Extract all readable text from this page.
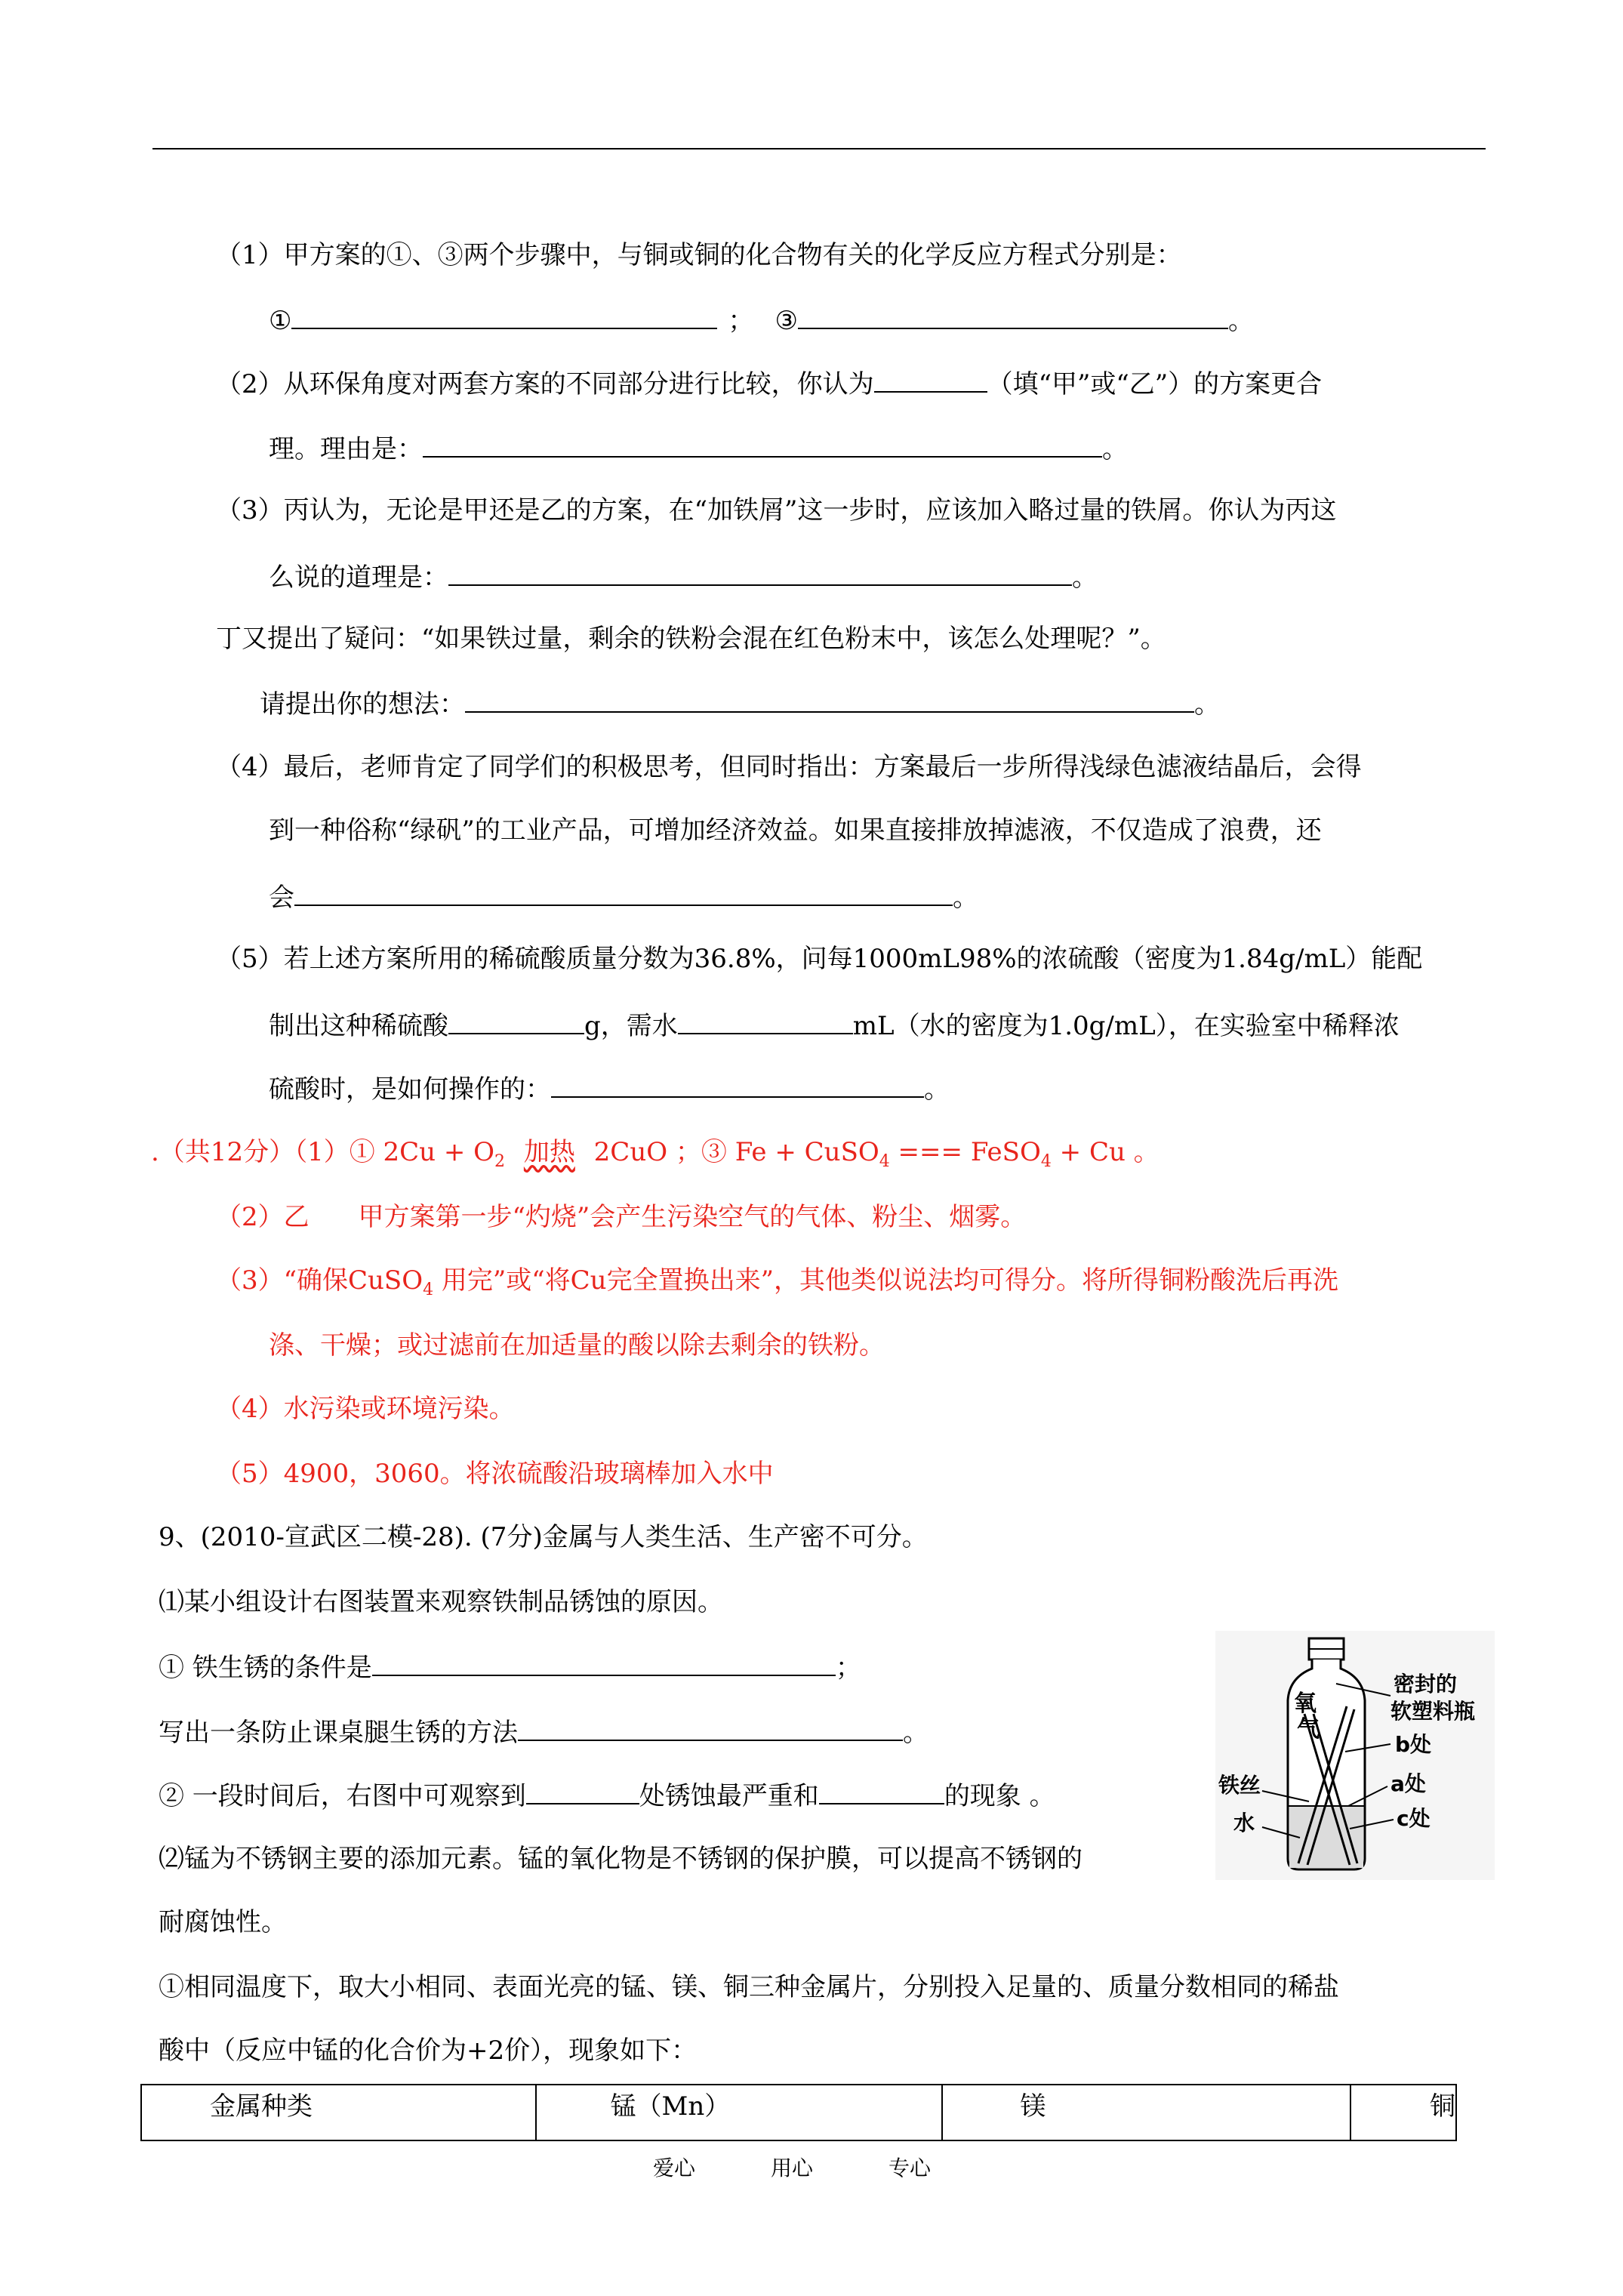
（1）甲方案的①、③两个步骤中，与铜或铜的化合物有关的化学反应方程式分别是：
①	； ③	。
（2）从环保角度对两套方案的不同部分进行比较，你认为	（填“甲”或“乙”）的方案更合
理。理由是：	。
（3）丙认为，无论是甲还是乙的方案，在“加铁屑”这一步时，应该加入略过量的铁屑。你认为丙这
么说的道理是：	。
丁又提出了疑问：“如果铁过量，剩余的铁粉会混在红色粉末中，该怎么处理呢？”。
请提出你的想法：	。
（4）最后，老师肯定了同学们的积极思考，但同时指出：方案最后一步所得浅绿色滤液结晶后，会得
到一种俗称“绿矾”的工业产品，可增加经济效益。如果直接排放掉滤液，不仅造成了浪费，还
会	。
（5）若上述方案所用的稀硫酸质量分数为36.8%，问每1000mL98%的浓硫酸（密度为1.84g/mL）能配
制出这种稀硫酸	g，需水	mL（水的密度为1.0g/mL），在实验室中稀释浓
硫酸时，是如何操作的：	。
.（共12分）（1）① $2Cu + O_2$ 加热 2CuO ；③ Fe + CuSO$_4$ === FeSO$_4$ + Cu 。
（2）乙      甲方案第一步“灼烧”会产生污染空气的气体、粉尘、烟雾。
（3）“确保CuSO$_4$ 用完”或“将Cu完全置换出来”，其他类似说法均可得分。将所得铜粉酸洗后再洗
涤、干燥；或过滤前在加适量的酸以除去剩余的铁粉。
（4）水污染或环境污染。
（5）4900，3060。将浓硫酸沿玻璃棒加入水中
9、(2010-宣武区二模-28). (7分)金属与人类生活、生产密不可分。
⑴某小组设计右图装置来观察铁制品锈蚀的原因。
① 铁生锈的条件是	；
写出一条防止课桌腿生锈的方法	。
② 一段时间后，右图中可观察到	处锈蚀最严重和	的现象 。
⑵锰为不锈钢主要的添加元素。锰的氧化物是不锈钢的保护膜，可以提高不锈钢的
耐腐蚀性。
①相同温度下，取大小相同、表面光亮的锰、镁、铜三种金属片，分别投入足量的、质量分数相同的稀盐
酸中（反应中锰的化合价为+2价），现象如下：
氧
气
密封的
软塑料瓶
b处
a处
c处
铁丝
水
金属种类	锰（Mn）	镁	铜
爱心	用心	专心
